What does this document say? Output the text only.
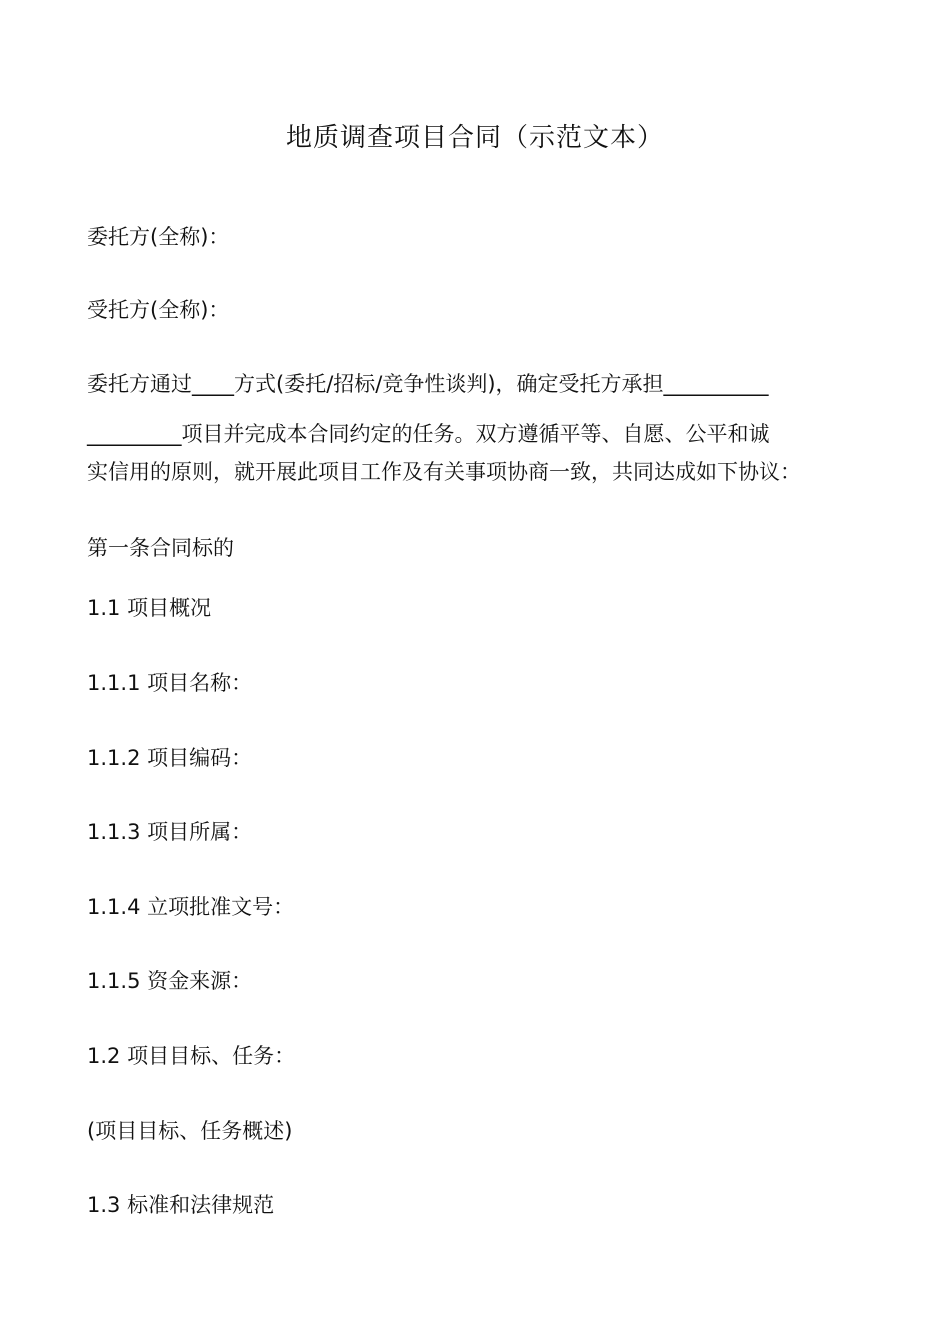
地质调查项目合同（示范文本）
委托方(全称)：
受托方(全称)：
委托方通过____方式(委托/招标/竞争性谈判)，确定受托方承担__________
_________项目并完成本合同约定的任务。双方遵循平等、自愿、公平和诚
实信用的原则，就开展此项目工作及有关事项协商一致，共同达成如下协议：
第一条合同标的
1.1 项目概况
1.1.1 项目名称：
1.1.2 项目编码：
1.1.3 项目所属：
1.1.4 立项批准文号：
1.1.5 资金来源：
1.2 项目目标、任务：
(项目目标、任务概述)
1.3 标准和法律规范
